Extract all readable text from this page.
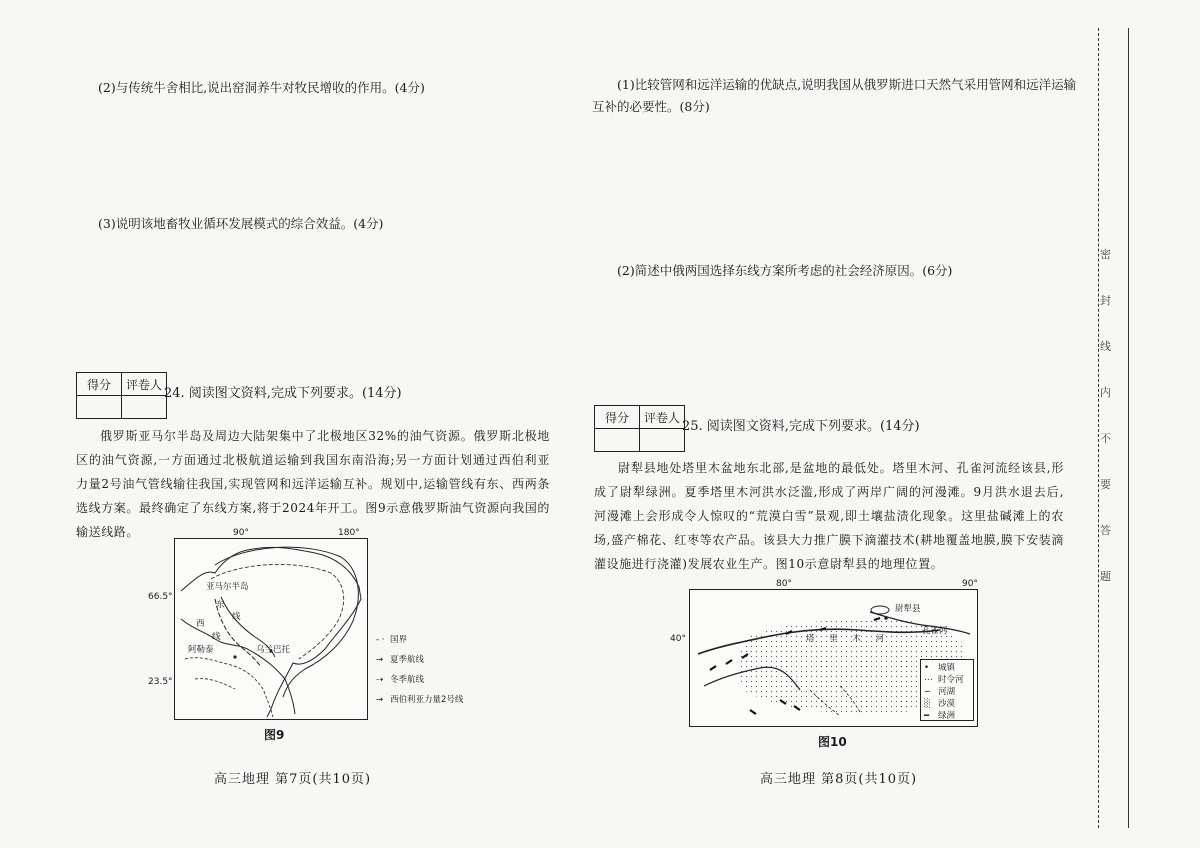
(2)与传统牛舍相比,说出窑洞养牛对牧民增收的作用。(4分)
(3)说明该地畜牧业循环发展模式的综合效益。(4分)
得分	评卷人

24. 阅读图文资料,完成下列要求。(14分)
俄罗斯亚马尔半岛及周边大陆架集中了北极地区32%的油气资源。俄罗斯北极地区的油气资源,一方面通过北极航道运输到我国东南沿海;另一方面计划通过西伯利亚力量2号油气管线输往我国,实现管网和远洋运输互补。规划中,运输管线有东、西两条选线方案。最终确定了东线方案,将于2024年开工。图9示意俄罗斯油气资源向我国的输送线路。	90°	180°
66.5°
23.5°
亚马尔半岛
西
线
东
线
阿勒泰	乌兰巴托
- · 国界
→ 夏季航线
⇢ 冬季航线
→ 西伯利亚力量2号线
图9
高三地理 第7页(共10页)
(1)比较管网和远洋运输的优缺点,说明我国从俄罗斯进口天然气采用管网和远洋运输
互补的必要性。(8分)
(2)简述中俄两国选择东线方案所考虑的社会经济原因。(6分)
得分	评卷人

25. 阅读图文资料,完成下列要求。(14分)
尉犁县地处塔里木盆地东北部,是盆地的最低处。塔里木河、孔雀河流经该县,形成了尉犁绿洲。夏季塔里木河洪水泛滥,形成了两岸广阔的河漫滩。9月洪水退去后,河漫滩上会形成令人惊叹的“荒漠白雪”景观,即土壤盐渍化现象。这里盐碱滩上的农场,盛产棉花、红枣等农产品。该县大力推广膜下滴灌技术(耕地覆盖地膜,膜下安装滴灌设施进行浇灌)发展农业生产。图10示意尉犁县的地理位置。
80°	90°
40°
尉犁县
塔 里 木 河
孔雀河
• 城镇
⋯ 时令河
∽ 河湖
░ 沙漠
━ 绿洲
图10
高三地理 第8页(共10页)
密
封
线
内
不
要
答
题
